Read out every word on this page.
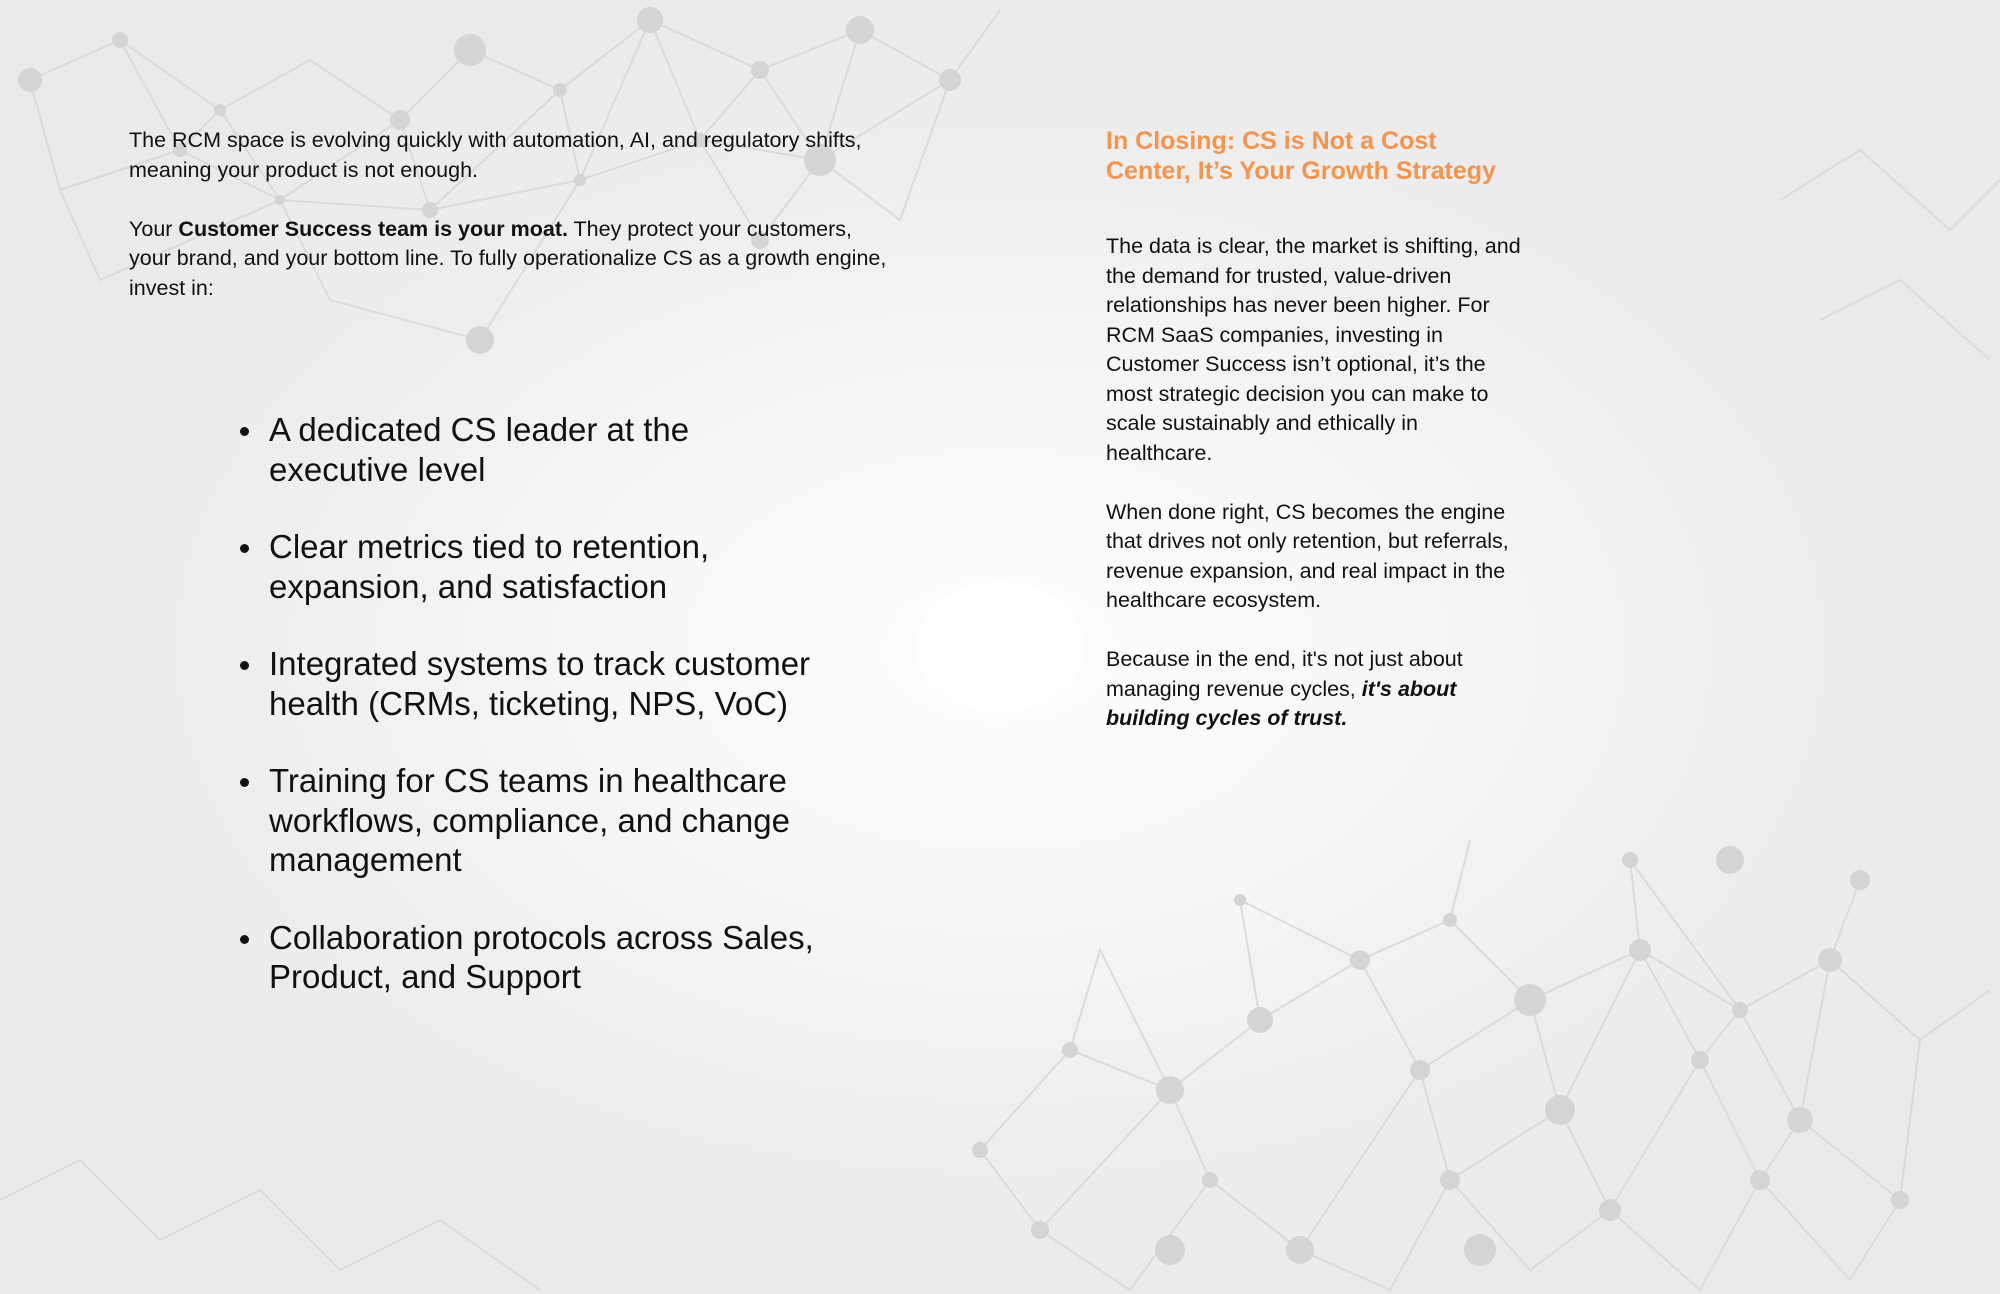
The RCM space is evolving quickly with automation, AI, and regulatory shifts, meaning your product is not enough.

Your Customer Success team is your moat. They protect your customers, your brand, and your bottom line. To fully operationalize CS as a growth engine, invest in:

A dedicated CS leader at the executive level
Clear metrics tied to retention, expansion, and satisfaction
Integrated systems to track customer health (CRMs, ticketing, NPS, VoC)
Training for CS teams in healthcare workflows, compliance, and change management
Collaboration protocols across Sales, Product, and Support
In Closing: CS is Not a Cost Center, It’s Your Growth Strategy

The data is clear, the market is shifting, and the demand for trusted, value-driven relationships has never been higher. For RCM SaaS companies, investing in Customer Success isn’t optional, it’s the most strategic decision you can make to scale sustainably and ethically in healthcare.

When done right, CS becomes the engine that drives not only retention, but referrals, revenue expansion, and real impact in the healthcare ecosystem.

Because in the end, it's not just about managing revenue cycles, it's about building cycles of trust.
